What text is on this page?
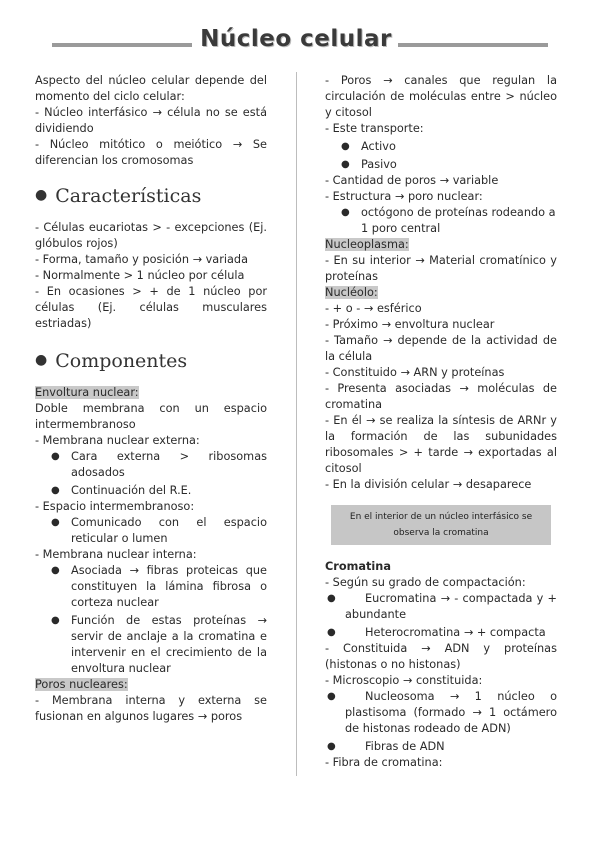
Núcleo celular

Aspecto del núcleo celular depende del momento del ciclo celular:

- Núcleo interfásico → célula no se está dividiendo

- Núcleo mitótico o meiótico → Se diferencian los cromosomas

● Características

- Células eucariotas > - excepciones (Ej. glóbulos rojos)

- Forma, tamaño y posición → variada

- Normalmente > 1 núcleo por célula

- En ocasiones > + de 1 núcleo por células (Ej. células musculares estriadas)

● Componentes

Envoltura nuclear:

Doble membrana con un espacio intermembranoso

- Membrana nuclear externa:

● Cara externa > ribosomas adosados
● Continuación del R.E.

- Espacio intermembranoso:

● Comunicado con el espacio reticular o lumen

- Membrana nuclear interna:

● Asociada → fibras proteicas que constituyen la lámina fibrosa o corteza nuclear
● Función de estas proteínas → servir de anclaje a la cromatina e intervenir en el crecimiento de la envoltura nuclear

Poros nucleares:

- Membrana interna y externa se fusionan en algunos lugares → poros

- Poros → canales que regulan la circulación de moléculas entre > núcleo y citosol

- Este transporte:

● Activo
● Pasivo

- Cantidad de poros → variable

- Estructura → poro nuclear:

● octógono de proteínas rodeando a 1 poro central

Nucleoplasma:

- En su interior → Material cromatínico y proteínas

Nucléolo:

- + o - → esférico

- Próximo → envoltura nuclear

- Tamaño → depende de la actividad de la célula

- Constituido → ARN y proteínas

- Presenta asociadas → moléculas de cromatina

- En él → se realiza la síntesis de ARNr y la formación de las subunidades ribosomales > + tarde → exportadas al citosol

- En la división celular → desaparece

En el interior de un núcleo interfásico se observa la cromatina

Cromatina

- Según su grado de compactación:

●	Eucromatina → - compactada y + abundante
●	Heterocromatina → + compacta

- Constituida → ADN y proteínas (histonas o no histonas)

- Microscopio → constituida:

●	Nucleosoma → 1 núcleo o plastisoma (formado → 1 octámero de histonas rodeado de ADN)
●	Fibras de ADN

- Fibra de cromatina:
